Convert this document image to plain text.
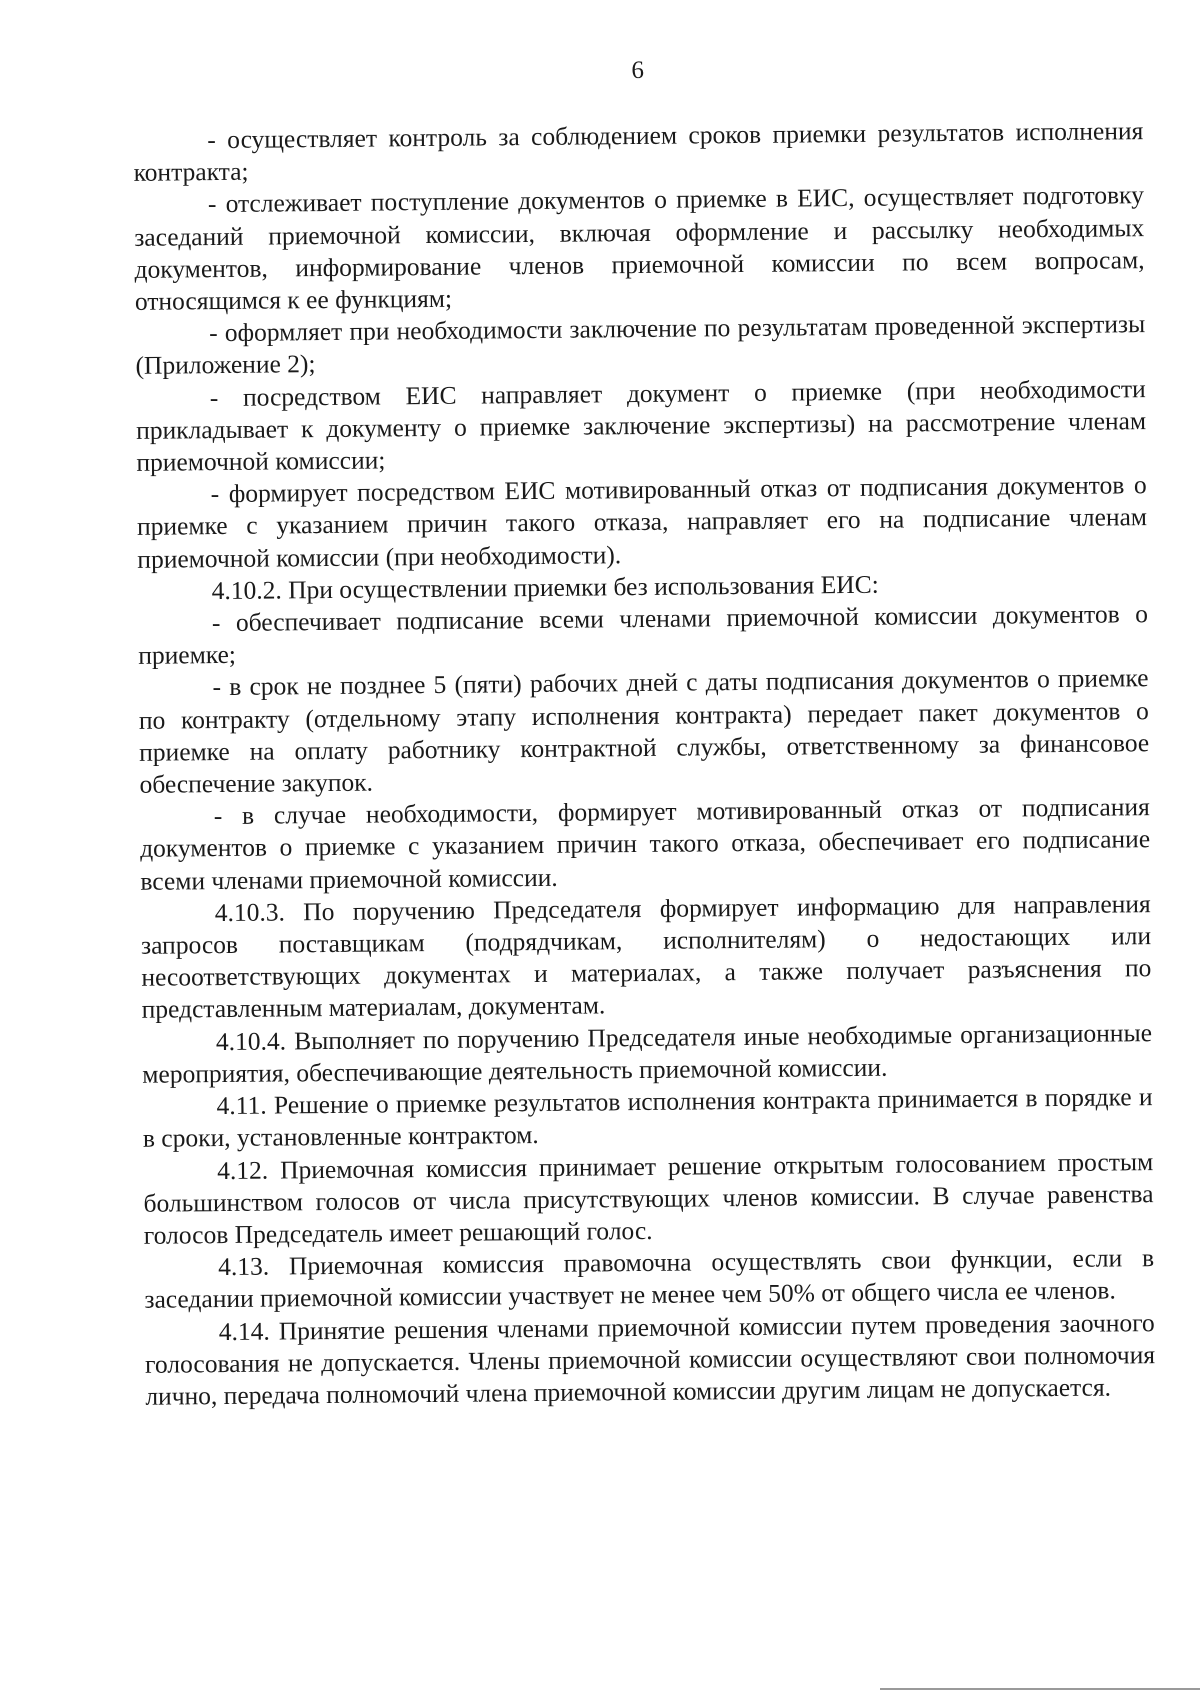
6

- осуществляет контроль за соблюдением сроков приемки результатов исполнения контракта;

- отслеживает поступление документов о приемке в ЕИС, осуществляет подготовку заседаний приемочной комиссии, включая оформление и рассылку необходимых документов, информирование членов приемочной комиссии по всем вопросам, относящимся к ее функциям;

- оформляет при необходимости заключение по результатам проведенной экспертизы (Приложение 2);

- посредством ЕИС направляет документ о приемке (при необходимости прикладывает к документу о приемке заключение экспертизы) на рассмотрение членам приемочной комиссии;

- формирует посредством ЕИС мотивированный отказ от подписания документов о приемке с указанием причин такого отказа, направляет его на подписание членам приемочной комиссии (при необходимости).

4.10.2. При осуществлении приемки без использования ЕИС:

- обеспечивает подписание всеми членами приемочной комиссии документов о приемке;

- в срок не позднее 5 (пяти) рабочих дней с даты подписания документов о приемке по контракту (отдельному этапу исполнения контракта) передает пакет документов о приемке на оплату работнику контрактной службы, ответственному за финансовое обеспечение закупок.

- в случае необходимости, формирует мотивированный отказ от подписания документов о приемке с указанием причин такого отказа, обеспечивает его подписание всеми членами приемочной комиссии.

4.10.3. По поручению Председателя формирует информацию для направления запросов поставщикам (подрядчикам, исполнителям) о недостающих или несоответствующих документах и материалах, а также получает разъяснения по представленным материалам, документам.

4.10.4. Выполняет по поручению Председателя иные необходимые организационные мероприятия, обеспечивающие деятельность приемочной комиссии.

4.11. Решение о приемке результатов исполнения контракта принимается в порядке и в сроки, установленные контрактом.

4.12. Приемочная комиссия принимает решение открытым голосованием простым большинством голосов от числа присутствующих членов комиссии. В случае равенства голосов Председатель имеет решающий голос.

4.13. Приемочная комиссия правомочна осуществлять свои функции, если в заседании приемочной комиссии участвует не менее чем 50% от общего числа ее членов.

4.14. Принятие решения членами приемочной комиссии путем проведения заочного голосования не допускается. Члены приемочной комиссии осуществляют свои полномочия лично, передача полномочий члена приемочной комиссии другим лицам не допускается.
